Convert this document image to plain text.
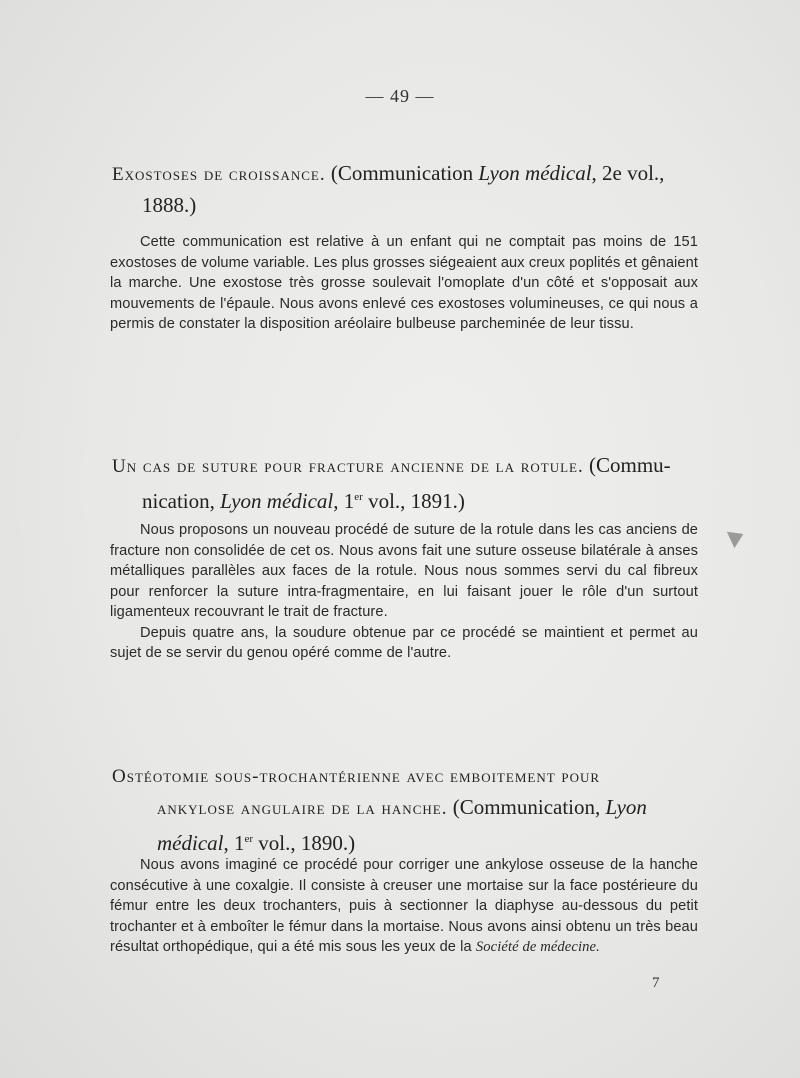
— 49 —
Exostoses de croissance. (Communication Lyon médical, 2e vol.,
1888.)

Cette communication est relative à un enfant qui ne comptait pas moins de 151 exostoses de volume variable. Les plus grosses siégeaient aux creux poplités et gênaient la marche. Une exostose très grosse soulevait l'omoplate d'un côté et s'opposait aux mouvements de l'épaule. Nous avons enlevé ces exostoses volumineuses, ce qui nous a permis de constater la disposition aréolaire bulbeuse parcheminée de leur tissu.

Un cas de suture pour fracture ancienne de la rotule. (Commu-
nication, Lyon médical, 1er vol., 1891.)

Nous proposons un nouveau procédé de suture de la rotule dans les cas anciens de fracture non consolidée de cet os. Nous avons fait une suture osseuse bilatérale à anses métalliques parallèles aux faces de la rotule. Nous nous sommes servi du cal fibreux pour renforcer la suture intra-fragmentaire, en lui faisant jouer le rôle d'un surtout ligamenteux recouvrant le trait de fracture.

Depuis quatre ans, la soudure obtenue par ce procédé se maintient et permet au sujet de se servir du genou opéré comme de l'autre.

Ostéotomie sous-trochantérienne avec emboitement pour
ankylose angulaire de la hanche. (Communication, Lyon
médical, 1er vol., 1890.)

Nous avons imaginé ce procédé pour corriger une ankylose osseuse de la hanche consécutive à une coxalgie. Il consiste à creuser une mortaise sur la face postérieure du fémur entre les deux trochanters, puis à sectionner la diaphyse au-dessous du petit trochanter et à emboîter le fémur dans la mortaise. Nous avons ainsi obtenu un très beau résultat orthopédique, qui a été mis sous les yeux de la Société de médecine.

7
